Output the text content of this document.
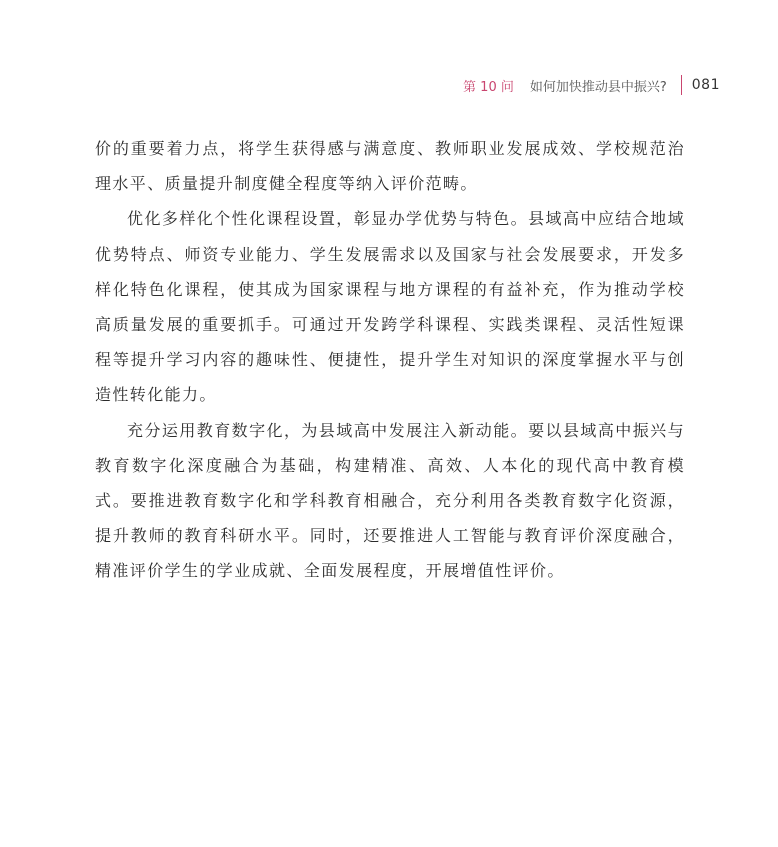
第 10 问 如何加快推动县中振兴? 081

价的重要着力点，将学生获得感与满意度、教师职业发展成效、学校规范治理水平、质量提升制度健全程度等纳入评价范畴。

优化多样化个性化课程设置，彰显办学优势与特色。县域高中应结合地域优势特点、师资专业能力、学生发展需求以及国家与社会发展要求，开发多样化特色化课程，使其成为国家课程与地方课程的有益补充，作为推动学校高质量发展的重要抓手。可通过开发跨学科课程、实践类课程、灵活性短课程等提升学习内容的趣味性、便捷性，提升学生对知识的深度掌握水平与创造性转化能力。

充分运用教育数字化，为县域高中发展注入新动能。要以县域高中振兴与教育数字化深度融合为基础，构建精准、高效、人本化的现代高中教育模式。要推进教育数字化和学科教育相融合，充分利用各类教育数字化资源，提升教师的教育科研水平。同时，还要推进人工智能与教育评价深度融合，精准评价学生的学业成就、全面发展程度，开展增值性评价。
